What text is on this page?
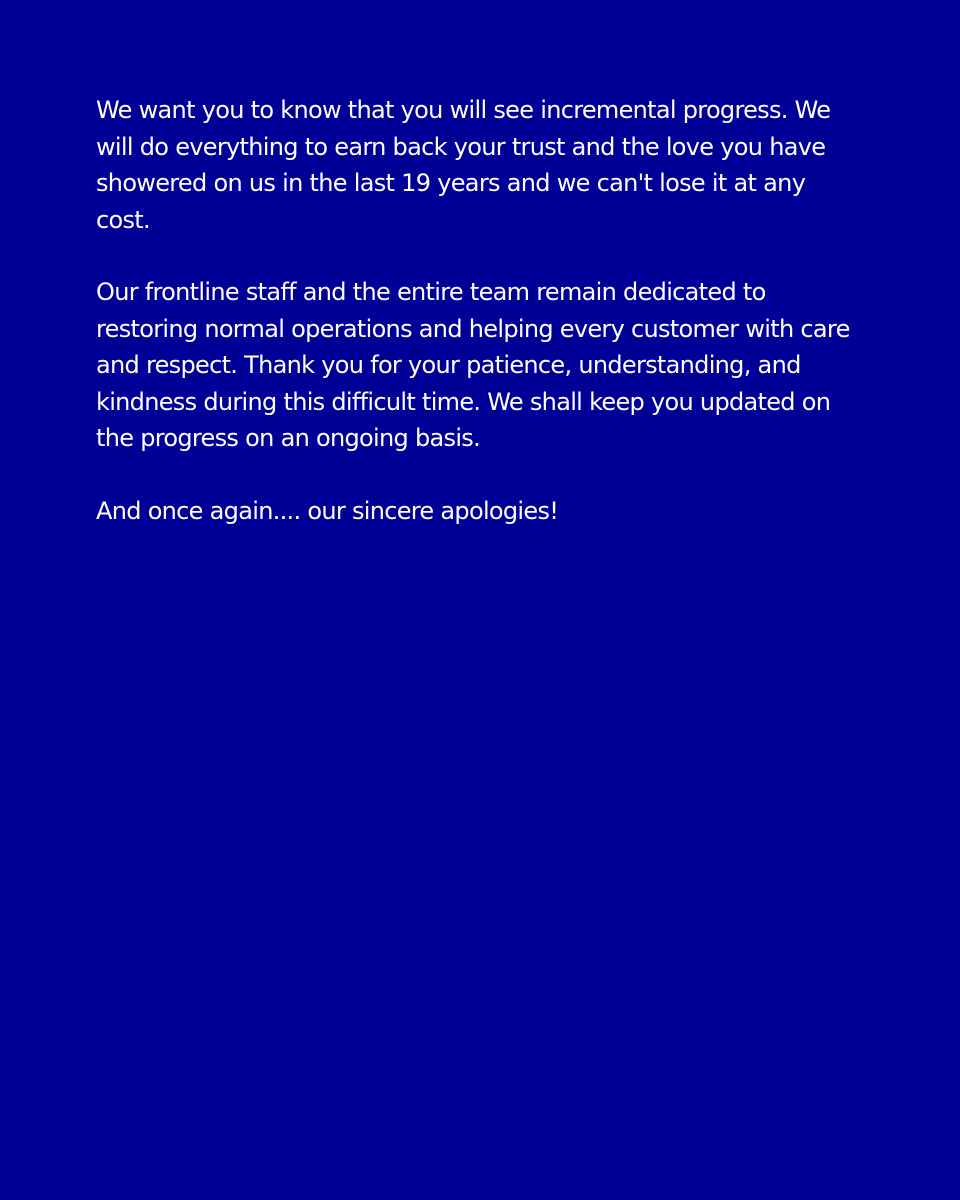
We want you to know that you will see incremental progress. We will do everything to earn back your trust and the love you have showered on us in the last 19 years and we can't lose it at any cost.

Our frontline staff and the entire team remain dedicated to restoring normal operations and helping every customer with care and respect. Thank you for your patience, understanding, and kindness during this difficult time. We shall keep you updated on the progress on an ongoing basis.

And once again.... our sincere apologies!
